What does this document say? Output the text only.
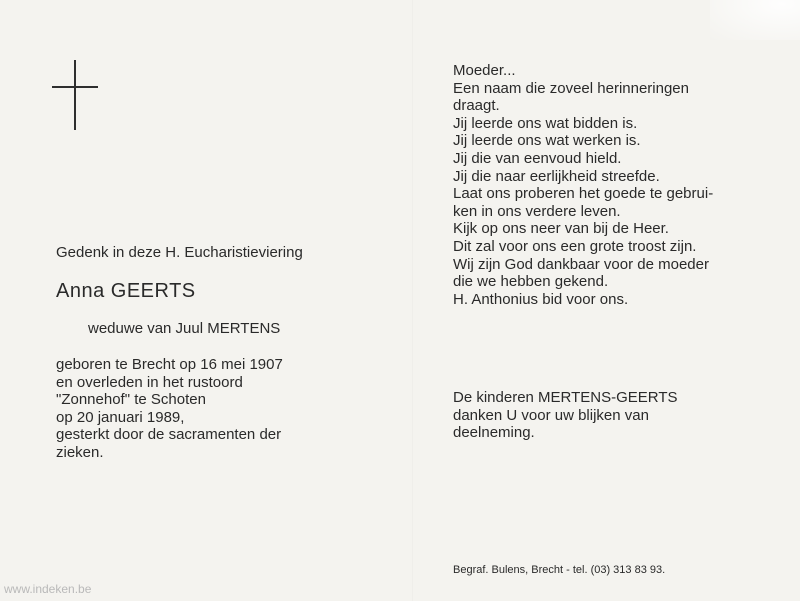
Gedenk in deze H. Eucharistieviering
Anna GEERTS
weduwe van Juul MERTENS
geboren te Brecht op 16 mei 1907
en overleden in het rustoord
"Zonnehof" te Schoten
op 20 januari 1989,
gesterkt door de sacramenten der
zieken.
Moeder...
Een naam die zoveel herinneringen
draagt.
Jij leerde ons wat bidden is.
Jij leerde ons wat werken is.
Jij die van eenvoud hield.
Jij die naar eerlijkheid streefde.
Laat ons proberen het goede te gebrui-
ken in ons verdere leven.
Kijk op ons neer van bij de Heer.
Dit zal voor ons een grote troost zijn.
Wij zijn God dankbaar voor de moeder
die we hebben gekend.
H. Anthonius bid voor ons.
De kinderen MERTENS-GEERTS
danken U voor uw blijken van
deelneming.
Begraf. Bulens, Brecht - tel. (03) 313 83 93.
www.indeken.be
